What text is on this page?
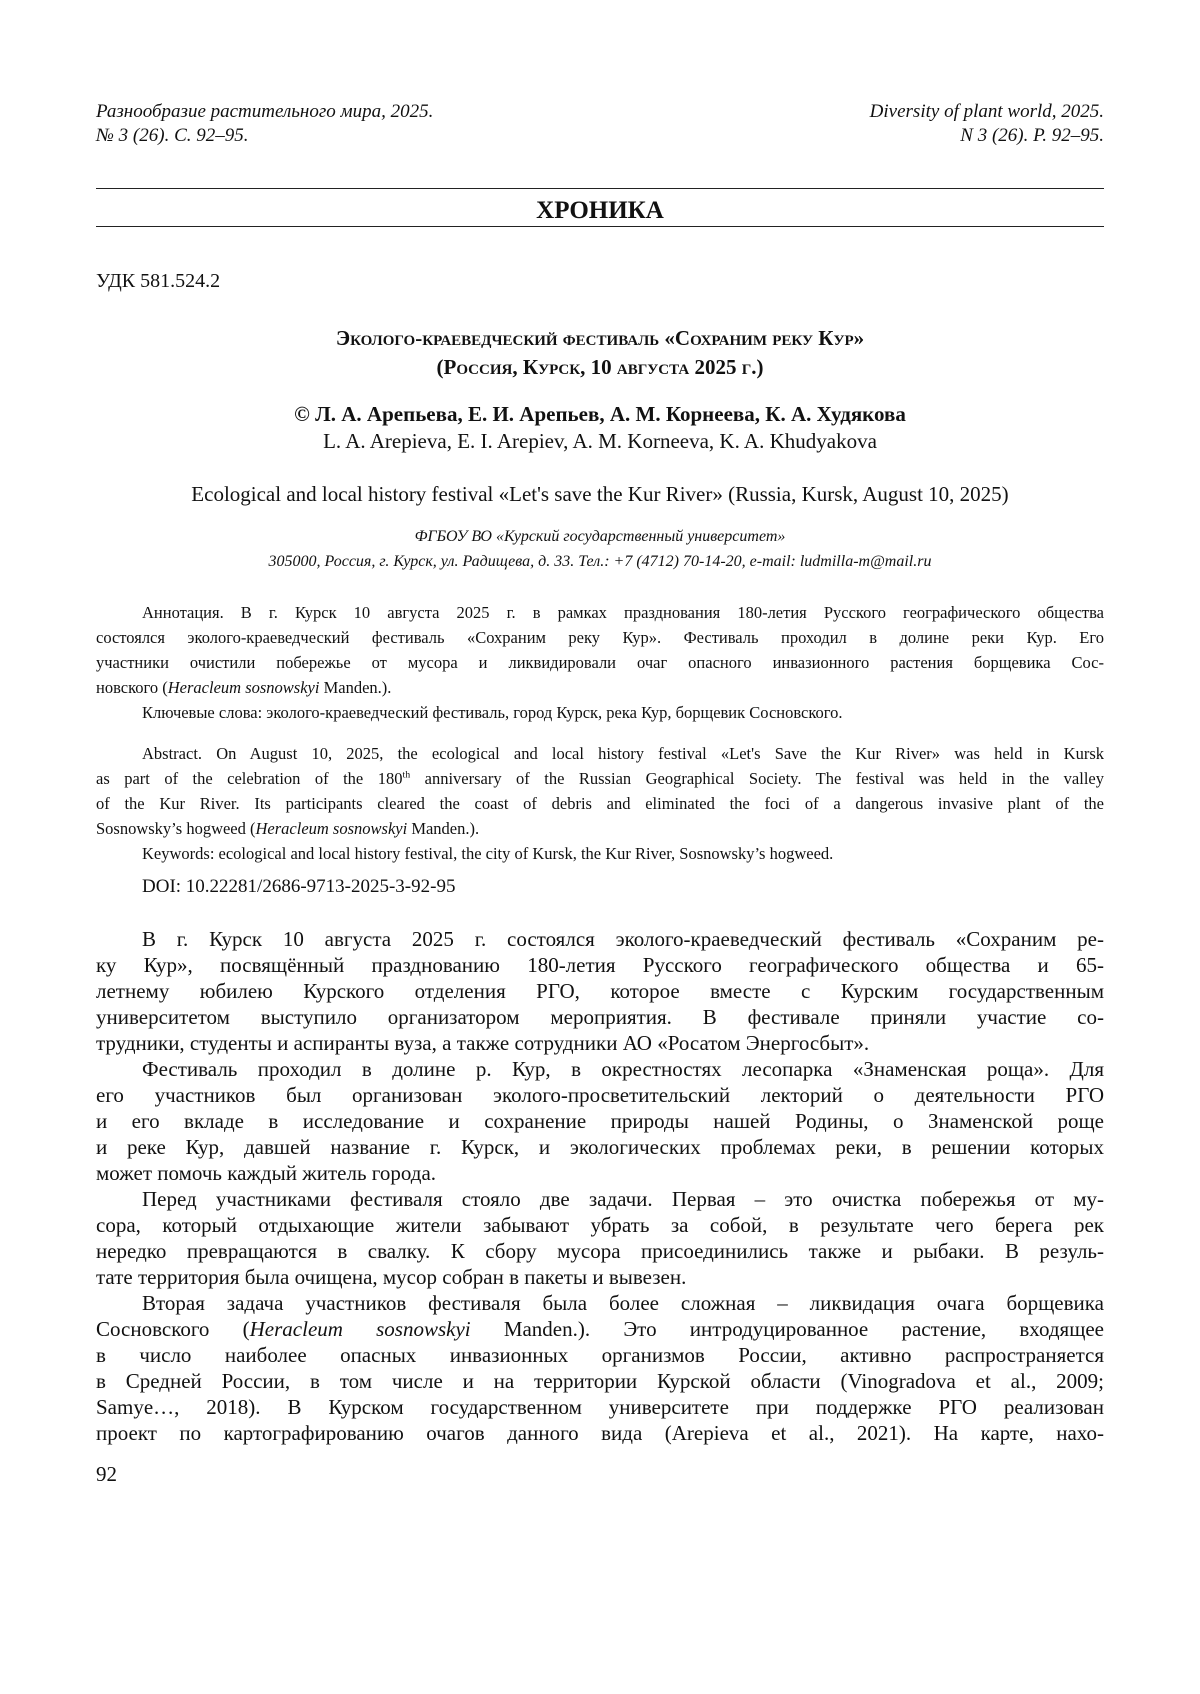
Разнообразие растительного мира, 2025.
№ 3 (26). С. 92–95.
Diversity of plant world, 2025.
N 3 (26). P. 92–95.
ХРОНИКА
УДК 581.524.2
Эколого-краеведческий фестиваль «Сохраним реку Кур»
(Россия, Курск, 10 августа 2025 г.)
© Л. А. Арепьева, Е. И. Арепьев, А. М. Корнеева, К. А. Худякова
L. A. Arepieva, E. I. Arepiev, A. M. Korneeva, K. A. Khudyakova
Ecological and local history festival «Let's save the Kur River» (Russia, Kursk, August 10, 2025)
ФГБОУ ВО «Курский государственный университет»
305000, Россия, г. Курск, ул. Радищева, д. 33. Тел.: +7 (4712) 70-14-20, e-mail: ludmilla-m@mail.ru
Аннотация. В г. Курск 10 августа 2025 г. в рамках празднования 180-летия Русского географического общества
состоялся эколого-краеведческий фестиваль «Сохраним реку Кур». Фестиваль проходил в долине реки Кур. Его
участники очистили побережье от мусора и ликвидировали очаг опасного инвазионного растения борщевика Сос-
новского (Heracleum sosnowskyi Manden.).
Ключевые слова: эколого-краеведческий фестиваль, город Курск, река Кур, борщевик Сосновского.
Abstract. On August 10, 2025, the ecological and local history festival «Let's Save the Kur River» was held in Kursk
as part of the celebration of the 180th anniversary of the Russian Geographical Society. The festival was held in the valley
of the Kur River. Its participants cleared the coast of debris and eliminated the foci of a dangerous invasive plant of the
Sosnowsky’s hogweed (Heracleum sosnowskyi Manden.).
Keywords: ecological and local history festival, the city of Kursk, the Kur River, Sosnowsky’s hogweed.
DOI: 10.22281/2686-9713-2025-3-92-95
В г. Курск 10 августа 2025 г. состоялся эколого-краеведческий фестиваль «Сохраним ре-
ку Кур», посвящённый празднованию 180-летия Русского географического общества и 65-
летнему юбилею Курского отделения РГО, которое вместе с Курским государственным
университетом выступило организатором мероприятия. В фестивале приняли участие со-
трудники, студенты и аспиранты вуза, а также сотрудники АО «Росатом Энергосбыт».
Фестиваль проходил в долине р. Кур, в окрестностях лесопарка «Знаменская роща». Для
его участников был организован эколого-просветительский лекторий о деятельности РГО
и его вкладе в исследование и сохранение природы нашей Родины, о Знаменской роще
и реке Кур, давшей название г. Курск, и экологических проблемах реки, в решении которых
может помочь каждый житель города.
Перед участниками фестиваля стояло две задачи. Первая – это очистка побережья от му-
сора, который отдыхающие жители забывают убрать за собой, в результате чего берега рек
нередко превращаются в свалку. К сбору мусора присоединились также и рыбаки. В резуль-
тате территория была очищена, мусор собран в пакеты и вывезен.
Вторая задача участников фестиваля была более сложная – ликвидация очага борщевика
Сосновского (Heracleum sosnowskyi Manden.). Это интродуцированное растение, входящее
в число наиболее опасных инвазионных организмов России, активно распространяется
в Средней России, в том числе и на территории Курской области (Vinogradova et al., 2009;
Samye…, 2018). В Курском государственном университете при поддержке РГО реализован
проект по картографированию очагов данного вида (Arepieva et al., 2021). На карте, нахо-
92
